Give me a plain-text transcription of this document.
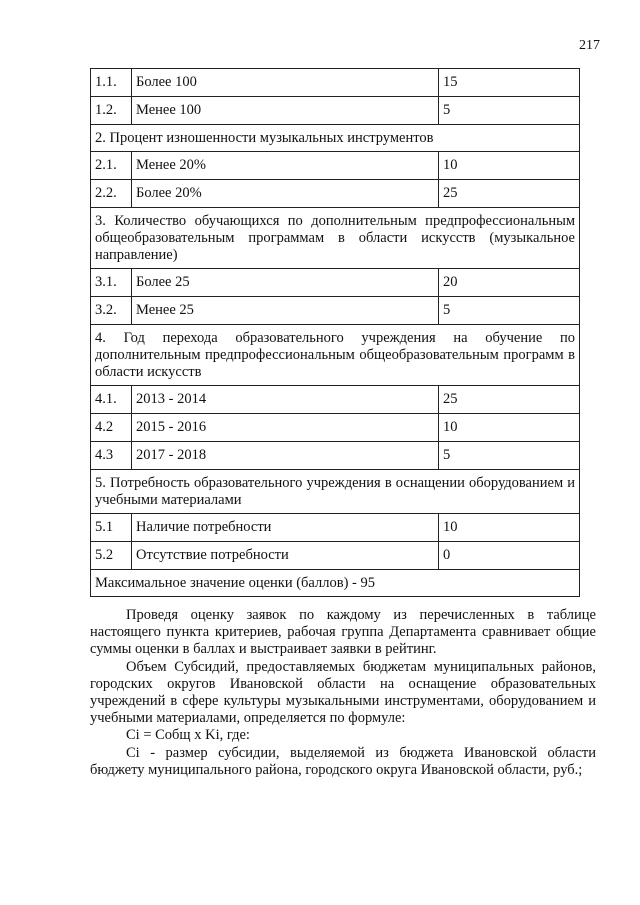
217
1.1.	Более 100	15
1.2.	Менее 100	5
2. Процент изношенности музыкальных инструментов		
2.1.	Менее 20%	10
2.2.	Более 20%	25
3. Количество обучающихся по дополнительным предпрофессиональным общеобразовательным программам в области искусств (музыкальное направление)		
3.1.	Более 25	20
3.2.	Менее 25	5
4. Год перехода образовательного учреждения на обучение по дополнительным предпрофессиональным общеобразовательным программ в области искусств		
4.1.	2013 - 2014	25
4.2	2015 - 2016	10
4.3	2017 - 2018	5
5. Потребность образовательного учреждения в оснащении оборудованием и учебными материалами		
5.1	Наличие потребности	10
5.2	Отсутствие потребности	0
Максимальное значение оценки (баллов) - 95		

Проведя оценку заявок по каждому из перечисленных в таблице настоящего пункта критериев, рабочая группа Департамента сравнивает общие суммы оценки в баллах и выстраивает заявки в рейтинг.

Объем Субсидий, предоставляемых бюджетам муниципальных районов, городских округов Ивановской области на оснащение образовательных учреждений в сфере культуры музыкальными инструментами, оборудованием и учебными материалами, определяется по формуле:

Ci = Cобщ х Ki, где:

Ci - размер субсидии, выделяемой из бюджета Ивановской области бюджету муниципального района, городского округа Ивановской области, руб.;
